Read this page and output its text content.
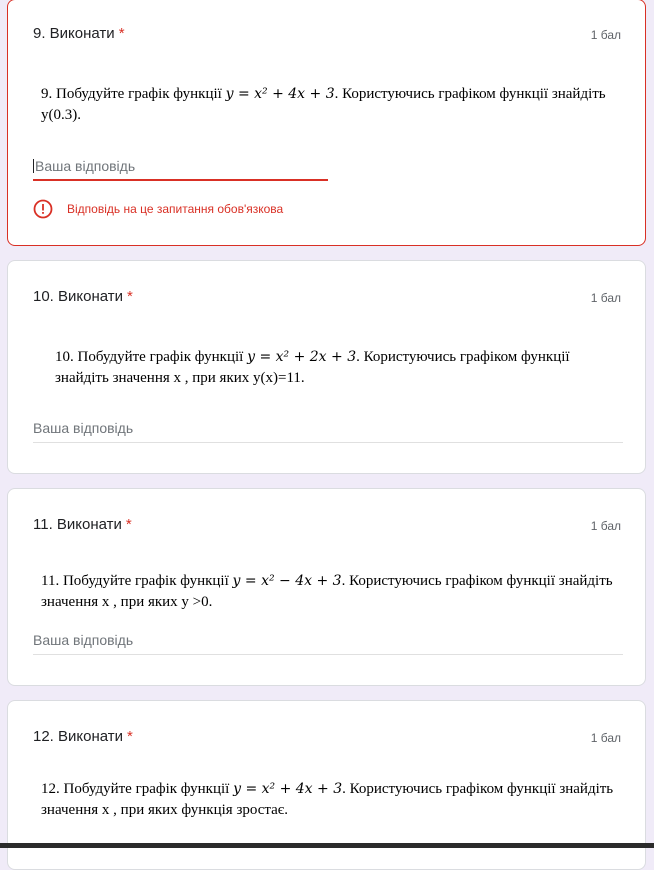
9. Виконати *	1 бал
9. Побудуйте графік функції y = x² + 4x + 3. Користуючись графіком функції знайдіть y(0.3).
Ваша відповідь
Відповідь на це запитання обов'язкова
10. Виконати *	1 бал
10. Побудуйте графік функції y = x² + 2x + 3. Користуючись графіком функції знайдіть значення x , при яких y(x)=11.
Ваша відповідь
11. Виконати *	1 бал
11. Побудуйте графік функції y = x² − 4x + 3. Користуючись графіком функції знайдіть значення x , при яких y >0.
Ваша відповідь
12. Виконати *	1 бал
12. Побудуйте графік функції y = x² + 4x + 3. Користуючись графіком функції знайдіть значення x , при яких функція зростає.
